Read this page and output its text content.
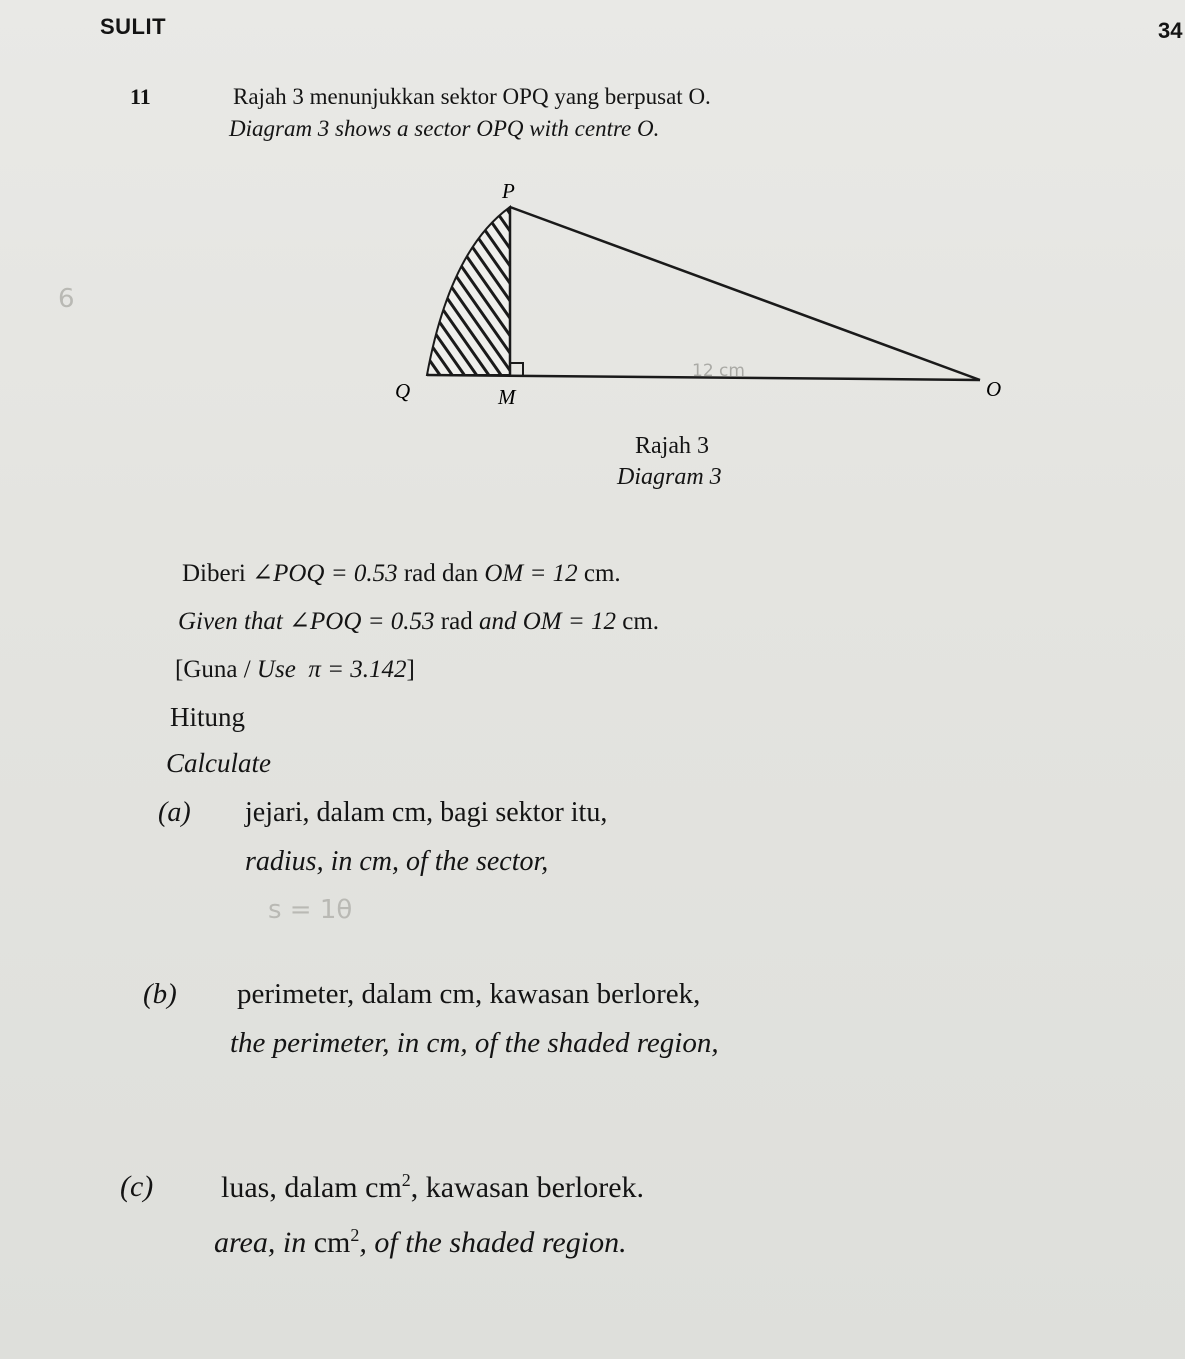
SULIT	34
11	Rajah 3 menunjukkan sektor OPQ yang berpusat O.
Diagram 3 shows a sector OPQ with centre O.
6
P
Q	M	O
12 cm
Rajah 3
Diagram 3
Diberi ∠POQ = 0.53 rad dan OM = 12 cm.
Given that ∠POQ = 0.53 rad and OM = 12 cm.
[Guna / Use π = 3.142]
Hitung
Calculate
(a) jejari, dalam cm, bagi sektor itu,
radius, in cm, of the sector,
s = 1θ
(b) perimeter, dalam cm, kawasan berlorek,
the perimeter, in cm, of the shaded region,
(c) luas, dalam $cm^2$, kawasan berlorek.
area, in $cm^2$, of the shaded region.
